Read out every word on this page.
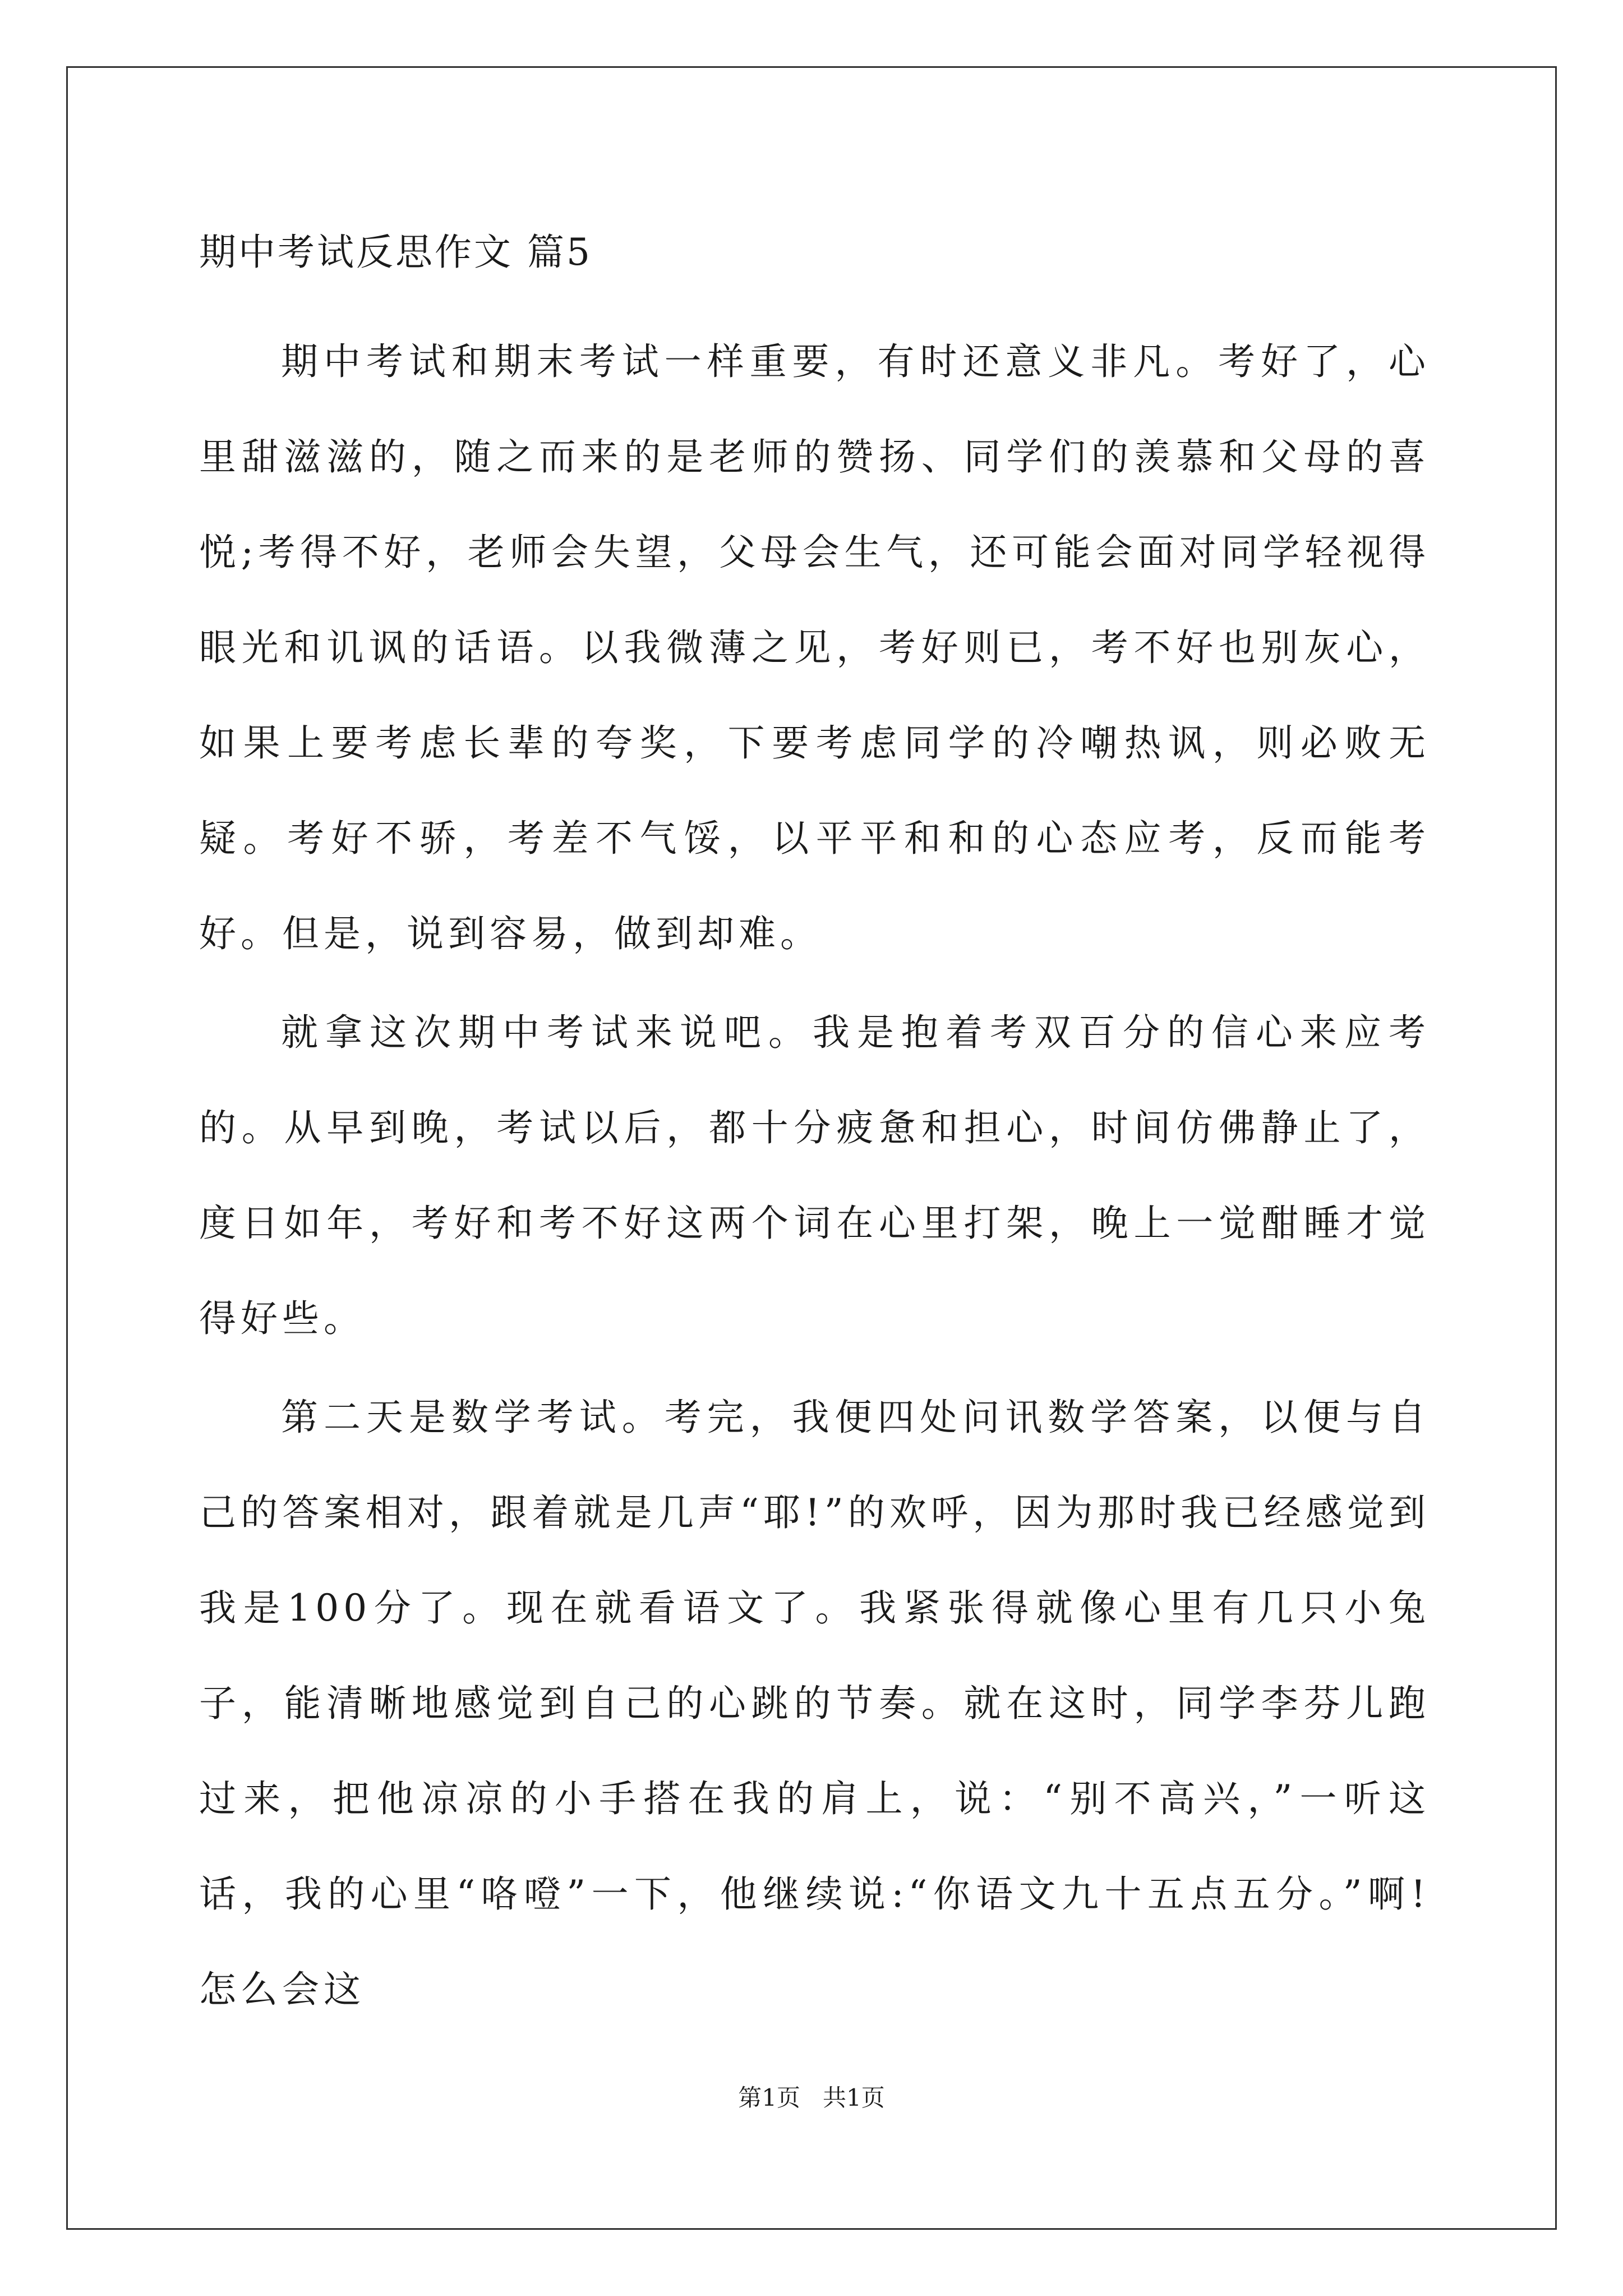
期中考试反思作文 篇5

期中考试和期末考试一样重要，有时还意义非凡。考好了，心里甜滋滋的，随之而来的是老师的赞扬、同学们的羡慕和父母的喜悦;考得不好，老师会失望，父母会生气，还可能会面对同学轻视得眼光和讥讽的话语。以我微薄之见，考好则已，考不好也别灰心，如果上要考虑长辈的夸奖，下要考虑同学的冷嘲热讽，则必败无疑。考好不骄，考差不气馁，以平平和和的心态应考，反而能考好。但是，说到容易，做到却难。

就拿这次期中考试来说吧。我是抱着考双百分的信心来应考的。从早到晚，考试以后，都十分疲惫和担心，时间仿佛静止了，度日如年，考好和考不好这两个词在心里打架，晚上一觉酣睡才觉得好些。

第二天是数学考试。考完，我便四处问讯数学答案，以便与自己的答案相对，跟着就是几声“耶!”的欢呼，因为那时我已经感觉到我是100分了。现在就看语文了。我紧张得就像心里有几只小兔子，能清晰地感觉到自己的心跳的节奏。就在这时，同学李芬儿跑过来，把他凉凉的小手搭在我的肩上，说：“别不高兴，”一听这话，我的心里“咯噔”一下，他继续说:“你语文九十五点五分。”啊!怎么会这

第1页   共1页
